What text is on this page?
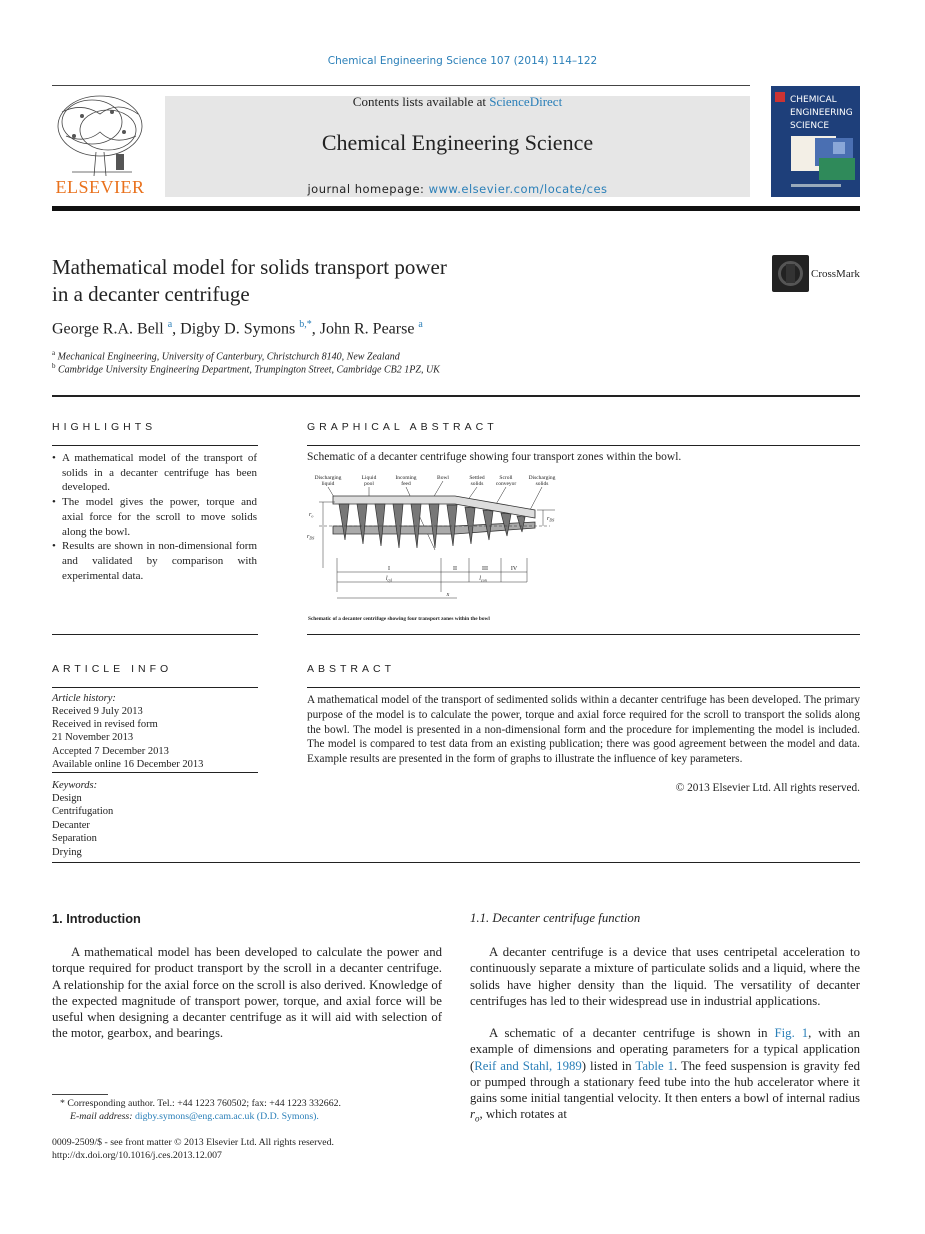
Chemical Engineering Science 107 (2014) 114–122
ELSEVIER
Contents lists available at ScienceDirect
Chemical Engineering Science
journal homepage: www.elsevier.com/locate/ces
CHEMICAL ENGINEERING SCIENCE
Mathematical model for solids transport power
in a decanter centrifuge
CrossMark
George R.A. Bell $^a$, Digby D. Symons $^{b,*}$, John R. Pearse $^a$
$^a$ Mechanical Engineering, University of Canterbury, Christchurch 8140, New Zealand
$^b$ Cambridge University Engineering Department, Trumpington Street, Cambridge CB2 1PZ, UK
HIGHLIGHTS
• A mathematical model of the transport of solids in a decanter centrifuge has been developed.
• The model gives the power, torque and axial force for the scroll to move solids along the bowl.
• Results are shown in non-dimensional form and validated by comparison with experimental data.
GRAPHICAL ABSTRACT
Schematic of a decanter centrifuge showing four transport zones within the bowl.
Discharging
liquid
Liquid
pool
Incoming
feed
Bowl	Settled
solids
Scroll
conveyor
Discharging
solids
$r_o$
$r_{DS}$
$r_{DS}$
I	II	III	IV
$l_{cyl}$	$l_{con}$
x
Schematic of a decanter centrifuge showing four transport zones within the bowl
ARTICLE INFO
Article history:
Received 9 July 2013
Received in revised form
21 November 2013
Accepted 7 December 2013
Available online 16 December 2013
Keywords:
Design
Centrifugation
Decanter
Separation
Drying
ABSTRACT
A mathematical model of the transport of sedimented solids within a decanter centrifuge has been developed. The primary purpose of the model is to calculate the power, torque and axial force required for the scroll to transport the solids along the bowl. The model is presented in a non-dimensional form and the procedure for implementing the model is included. The model is compared to test data from an existing publication; there was good agreement between the model and data. Example results are presented in the form of graphs to illustrate the influence of key parameters.
© 2013 Elsevier Ltd. All rights reserved.
1. Introduction
A mathematical model has been developed to calculate the power and torque required for product transport by the scroll in a decanter centrifuge. A relationship for the axial force on the scroll is also derived. Knowledge of the expected magnitude of transport power, torque, and axial force will be useful when designing a decanter centrifuge as it will aid with selection of the motor, gearbox, and bearings.
1.1. Decanter centrifuge function
A decanter centrifuge is a device that uses centripetal acceleration to continuously separate a mixture of particulate solids and a liquid, where the solids have higher density than the liquid. The versatility of decanter centrifuges has led to their widespread use in industrial applications.
A schematic of a decanter centrifuge is shown in Fig. 1, with an example of dimensions and operating parameters for a typical application (Reif and Stahl, 1989) listed in Table 1. The feed suspension is gravity fed or pumped through a stationary feed tube into the hub accelerator where it gains some initial tangential velocity. It then enters a bowl of internal radius $r_o$, which rotates at
* Corresponding author. Tel.: +44 1223 760502; fax: +44 1223 332662.
E-mail address: digby.symons@eng.cam.ac.uk (D.D. Symons).
0009-2509/$ - see front matter © 2013 Elsevier Ltd. All rights reserved.
http://dx.doi.org/10.1016/j.ces.2013.12.007
